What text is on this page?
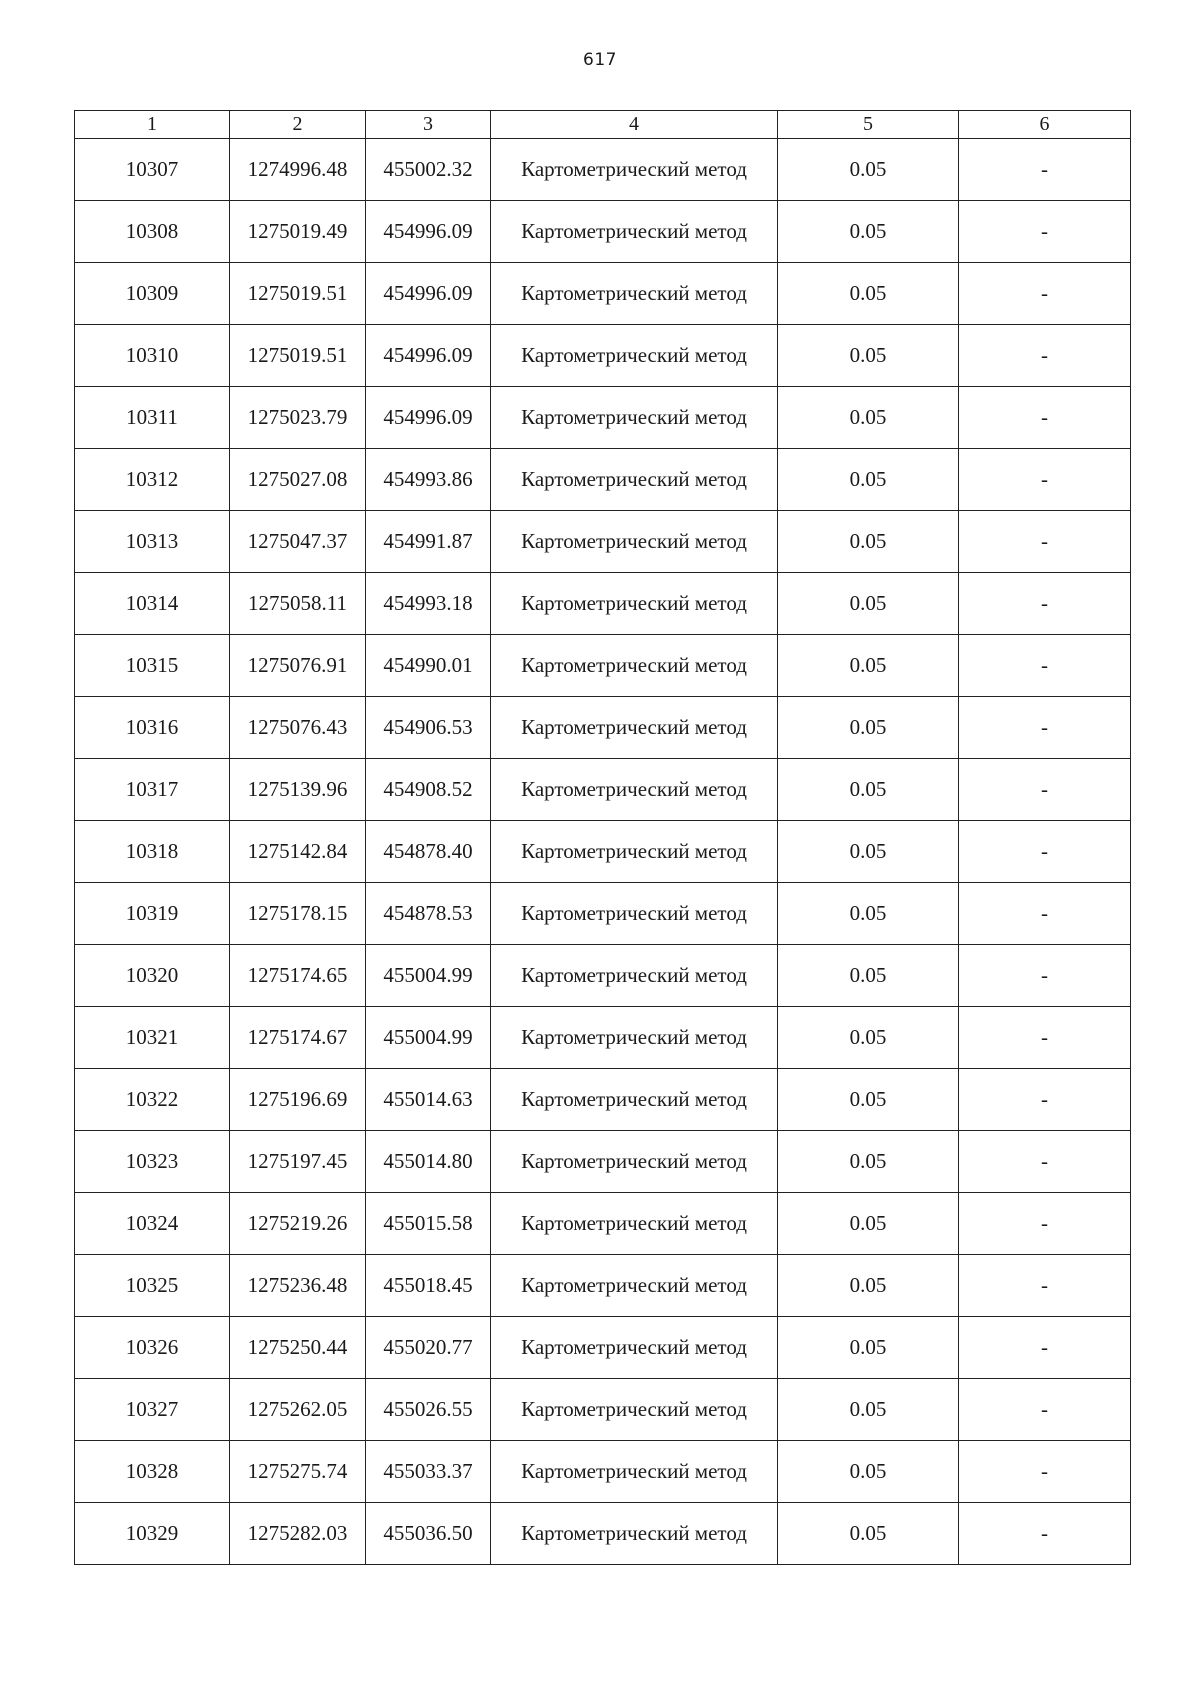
617
1	2	3	4	5	6
10307	1274996.48	455002.32	Картометрический метод	0.05	-
10308	1275019.49	454996.09	Картометрический метод	0.05	-
10309	1275019.51	454996.09	Картометрический метод	0.05	-
10310	1275019.51	454996.09	Картометрический метод	0.05	-
10311	1275023.79	454996.09	Картометрический метод	0.05	-
10312	1275027.08	454993.86	Картометрический метод	0.05	-
10313	1275047.37	454991.87	Картометрический метод	0.05	-
10314	1275058.11	454993.18	Картометрический метод	0.05	-
10315	1275076.91	454990.01	Картометрический метод	0.05	-
10316	1275076.43	454906.53	Картометрический метод	0.05	-
10317	1275139.96	454908.52	Картометрический метод	0.05	-
10318	1275142.84	454878.40	Картометрический метод	0.05	-
10319	1275178.15	454878.53	Картометрический метод	0.05	-
10320	1275174.65	455004.99	Картометрический метод	0.05	-
10321	1275174.67	455004.99	Картометрический метод	0.05	-
10322	1275196.69	455014.63	Картометрический метод	0.05	-
10323	1275197.45	455014.80	Картометрический метод	0.05	-
10324	1275219.26	455015.58	Картометрический метод	0.05	-
10325	1275236.48	455018.45	Картометрический метод	0.05	-
10326	1275250.44	455020.77	Картометрический метод	0.05	-
10327	1275262.05	455026.55	Картометрический метод	0.05	-
10328	1275275.74	455033.37	Картометрический метод	0.05	-
10329	1275282.03	455036.50	Картометрический метод	0.05	-
